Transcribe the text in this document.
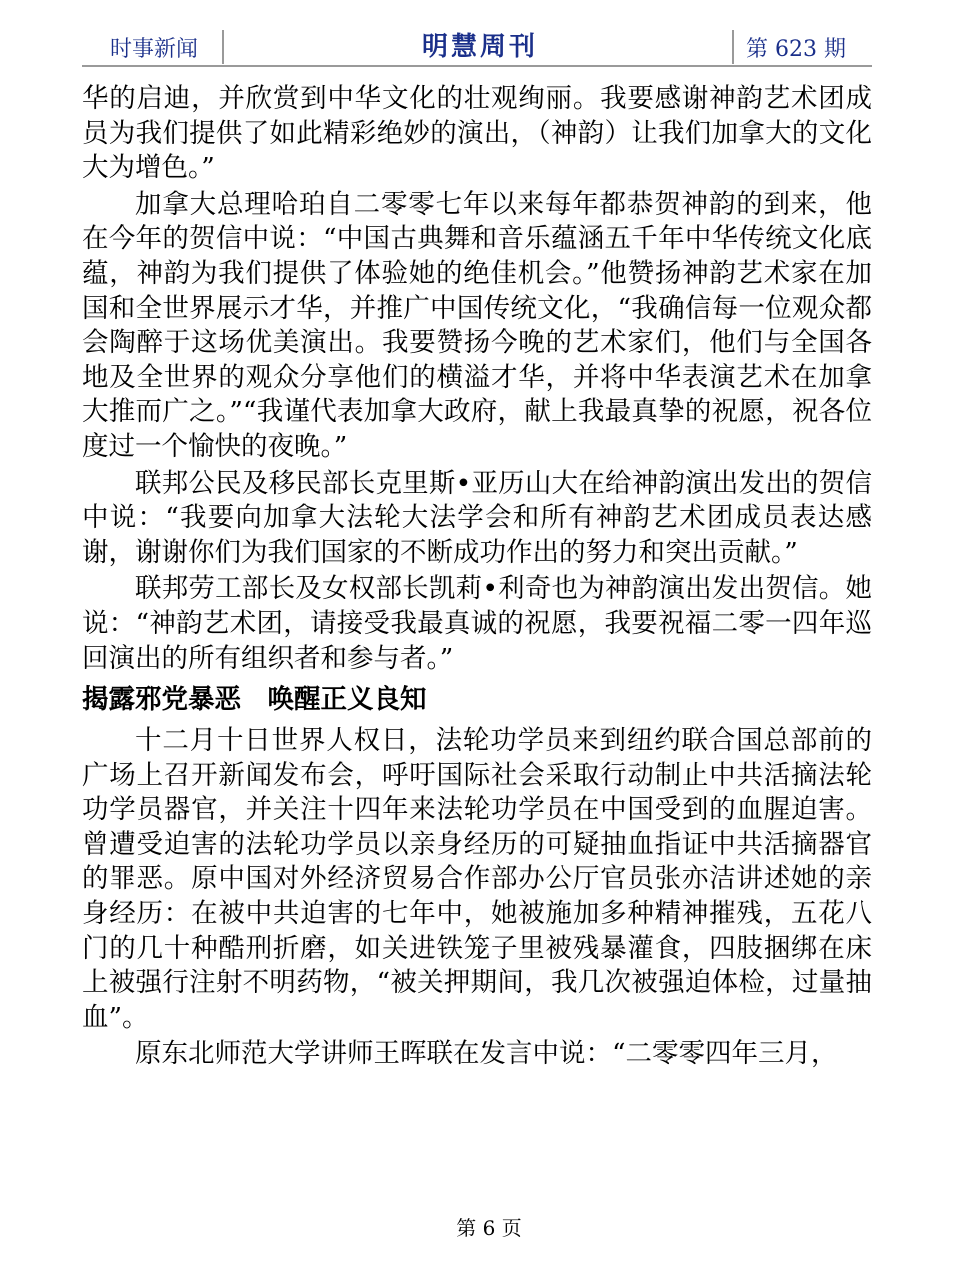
时事新闻	明慧周刊	第 623 期

华的启迪，并欣赏到中华文化的壮观绚丽。我要感谢神韵艺术团成员为我们提供了如此精彩绝妙的演出，（神韵）让我们加拿大的文化大为增色。”

加拿大总理哈珀自二零零七年以来每年都恭贺神韵的到来，他在今年的贺信中说：“中国古典舞和音乐蕴涵五千年中华传统文化底蕴，神韵为我们提供了体验她的绝佳机会。”他赞扬神韵艺术家在加国和全世界展示才华，并推广中国传统文化，“我确信每一位观众都会陶醉于这场优美演出。我要赞扬今晚的艺术家们，他们与全国各地及全世界的观众分享他们的横溢才华，并将中华表演艺术在加拿大推而广之。”“我谨代表加拿大政府，献上我最真挚的祝愿，祝各位度过一个愉快的夜晚。”

联邦公民及移民部长克里斯•亚历山大在给神韵演出发出的贺信中说：“我要向加拿大法轮大法学会和所有神韵艺术团成员表达感谢，谢谢你们为我们国家的不断成功作出的努力和突出贡献。”

联邦劳工部长及女权部长凯莉•利奇也为神韵演出发出贺信。她说：“神韵艺术团，请接受我最真诚的祝愿，我要祝福二零一四年巡回演出的所有组织者和参与者。”

揭露邪党暴恶　唤醒正义良知

十二月十日世界人权日，法轮功学员来到纽约联合国总部前的广场上召开新闻发布会，呼吁国际社会采取行动制止中共活摘法轮功学员器官，并关注十四年来法轮功学员在中国受到的血腥迫害。曾遭受迫害的法轮功学员以亲身经历的可疑抽血指证中共活摘器官的罪恶。原中国对外经济贸易合作部办公厅官员张亦洁讲述她的亲身经历：在被中共迫害的七年中，她被施加多种精神摧残，五花八门的几十种酷刑折磨，如关进铁笼子里被残暴灌食，四肢捆绑在床上被强行注射不明药物，“被关押期间，我几次被强迫体检，过量抽血”。

原东北师范大学讲师王晖联在发言中说：“二零零四年三月，

第 6 页
